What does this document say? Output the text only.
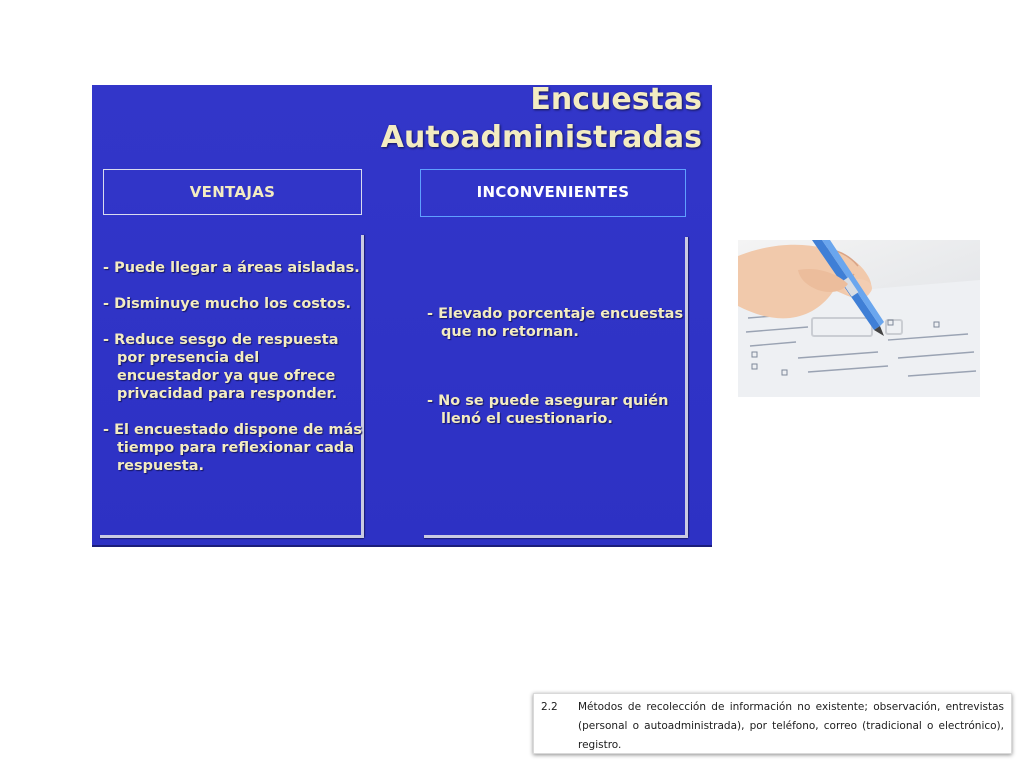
Encuestas
Autoadministradas
VENTAJAS	INCONVENIENTES
- Puede llegar a áreas aisladas.
- Disminuye mucho los costos.
- Reduce sesgo de respuesta por presencia del encuestador ya que ofrece privacidad para responder.
- El encuestado dispone de más tiempo para reflexionar cada respuesta.
- Elevado porcentaje encuestas que no retornan.
- No se puede asegurar quién llenó el cuestionario.
2.2	Métodos de recolección de información no existente; observación, entrevistas (personal o autoadministrada), por teléfono, correo (tradicional o electrónico), registro.
